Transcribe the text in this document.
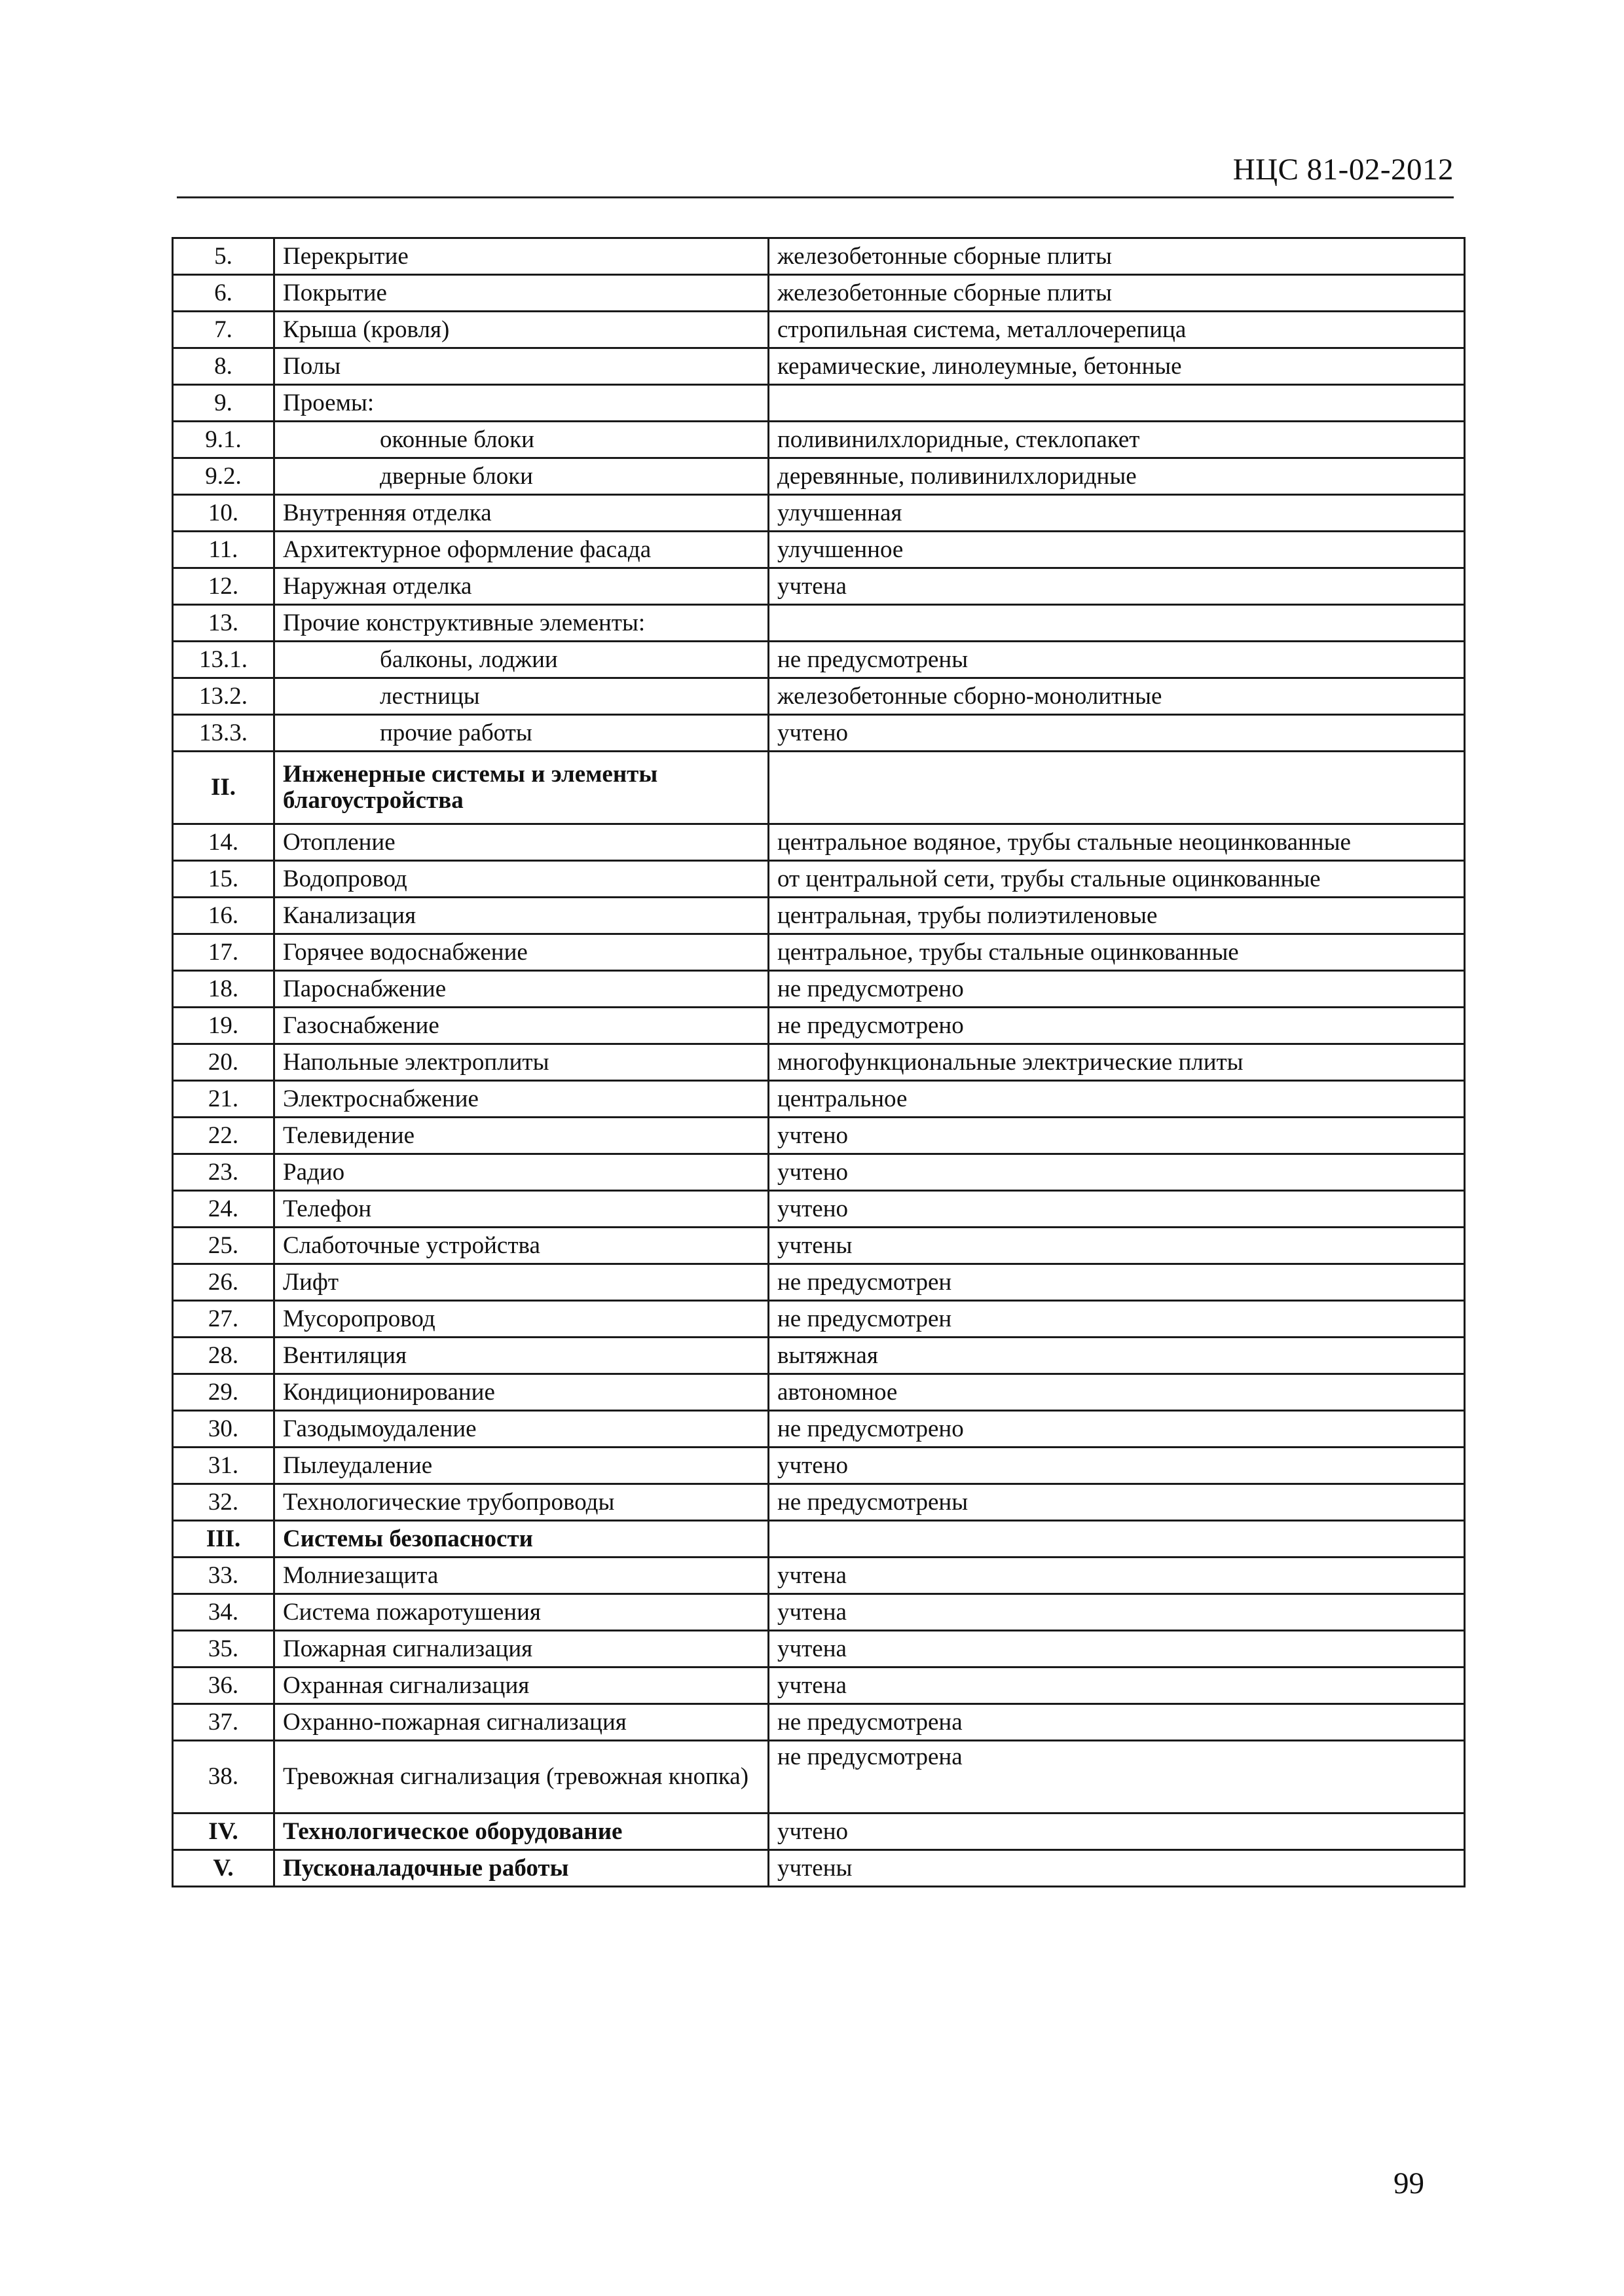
НЦС 81-02-2012
5.	Перекрытие	железобетонные сборные плиты
6.	Покрытие	железобетонные сборные плиты
7.	Крыша (кровля)	стропильная система, металлочерепица
8.	Полы	керамические, линолеумные, бетонные
9.	Проемы:	
9.1.	оконные блоки	поливинилхлоридные, стеклопакет
9.2.	дверные блоки	деревянные, поливинилхлоридные
10.	Внутренняя отделка	улучшенная
11.	Архитектурное оформление фасада	улучшенное
12.	Наружная отделка	учтена
13.	Прочие конструктивные элементы:	
13.1.	балконы, лоджии	не предусмотрены
13.2.	лестницы	железобетонные сборно-монолитные
13.3.	прочие работы	учтено
II.	Инженерные системы и элементы благоустройства	
14.	Отопление	центральное водяное, трубы стальные неоцинкованные
15.	Водопровод	от центральной сети, трубы стальные оцинкованные
16.	Канализация	центральная, трубы полиэтиленовые
17.	Горячее водоснабжение	центральное, трубы стальные оцинкованные
18.	Пароснабжение	не предусмотрено
19.	Газоснабжение	не предусмотрено
20.	Напольные электроплиты	многофункциональные электрические плиты
21.	Электроснабжение	центральное
22.	Телевидение	учтено
23.	Радио	учтено
24.	Телефон	учтено
25.	Слаботочные устройства	учтены
26.	Лифт	не предусмотрен
27.	Мусоропровод	не предусмотрен
28.	Вентиляция	вытяжная
29.	Кондиционирование	автономное
30.	Газодымоудаление	не предусмотрено
31.	Пылеудаление	учтено
32.	Технологические трубопроводы	не предусмотрены
III.	Системы безопасности	
33.	Молниезащита	учтена
34.	Система пожаротушения	учтена
35.	Пожарная сигнализация	учтена
36.	Охранная сигнализация	учтена
37.	Охранно-пожарная сигнализация	не предусмотрена
38.	Тревожная сигнализация (тревожная кнопка)	не предусмотрена
IV.	Технологическое оборудование	учтено
V.	Пусконаладочные работы	учтены
99
